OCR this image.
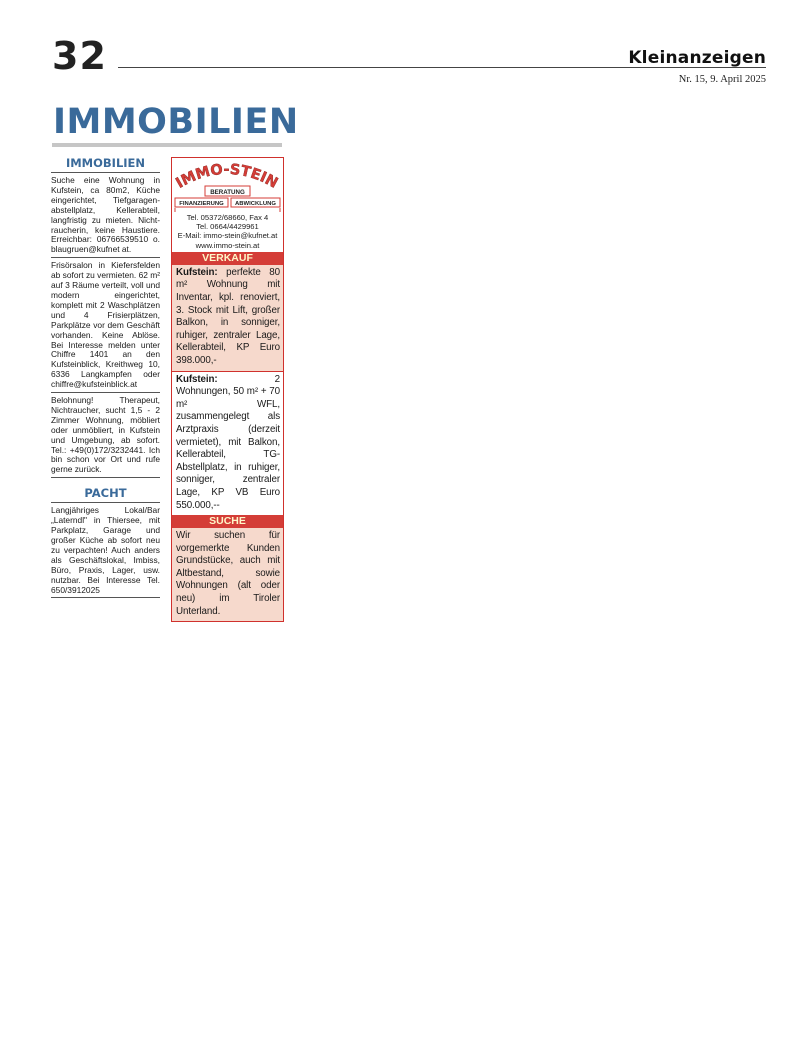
32	Kleinanzeigen
Nr. 15, 9. April 2025
IMMOBILIEN
IMMOBILIEN
Suche eine Wohnung in Kufstein, ca 80m2, Küche eingerichtet, Tiefgaragen-abstellplatz, Kellerabteil, langfristig zu mieten. Nicht-raucherin, keine Haustiere. Erreichbar: 06766539510 o. blaugruen@kufnet at.
Frisörsalon in Kiefersfelden ab sofort zu vermieten. 62 m² auf 3 Räume verteilt, voll und modern eingerichtet, komplett mit 2 Waschplätzen und 4 Frisierplätzen, Parkplätze vor dem Geschäft vorhanden. Keine Ablöse. Bei Interesse melden unter Chiffre 1401 an den Kufsteinblick, Kreithweg 10, 6336 Langkampfen oder chiffre@kufsteinblick.at
Belohnung! Therapeut, Nichtraucher, sucht 1,5 - 2 Zimmer Wohnung, möbliert oder unmöbliert, in Kufstein und Umgebung, ab sofort. Tel.: +49(0)172/3232441. Ich bin schon vor Ort und rufe gerne zurück.
PACHT
Langjähriges Lokal/Bar „Laterndl" in Thiersee, mit Parkplatz, Garage und großer Küche ab sofort neu zu verpachten! Auch anders als Geschäftslokal, Imbiss, Büro, Praxis, Lager, usw. nutzbar. Bei Interesse Tel. 650/3912025
IMMO-STEIN
BERATUNG
FINANZIERUNG ABWICKLUNG
Tel. 05372/68660, Fax 4
Tel. 0664/4429961
E-Mail: immo-stein@kufnet.at
www.immo-stein.at
VERKAUF
Kufstein: perfekte 80 m² Wohnung mit Inventar, kpl. renoviert, 3. Stock mit Lift, großer Balkon, in sonniger, ruhiger, zentraler Lage, Kellerabteil, KP Euro 398.000,-
Kufstein: 2 Wohnungen, 50 m² + 70 m² WFL, zusammengelegt als Arztpraxis (derzeit vermietet), mit Balkon, Kellerabteil, TG- Abstellplatz, in ruhiger, sonniger, zentraler Lage, KP VB Euro 550.000,--
SUCHE
Wir suchen für vorgemerkte Kunden Grundstücke, auch mit Altbestand, sowie Wohnungen (alt oder neu) im Tiroler Unterland.
